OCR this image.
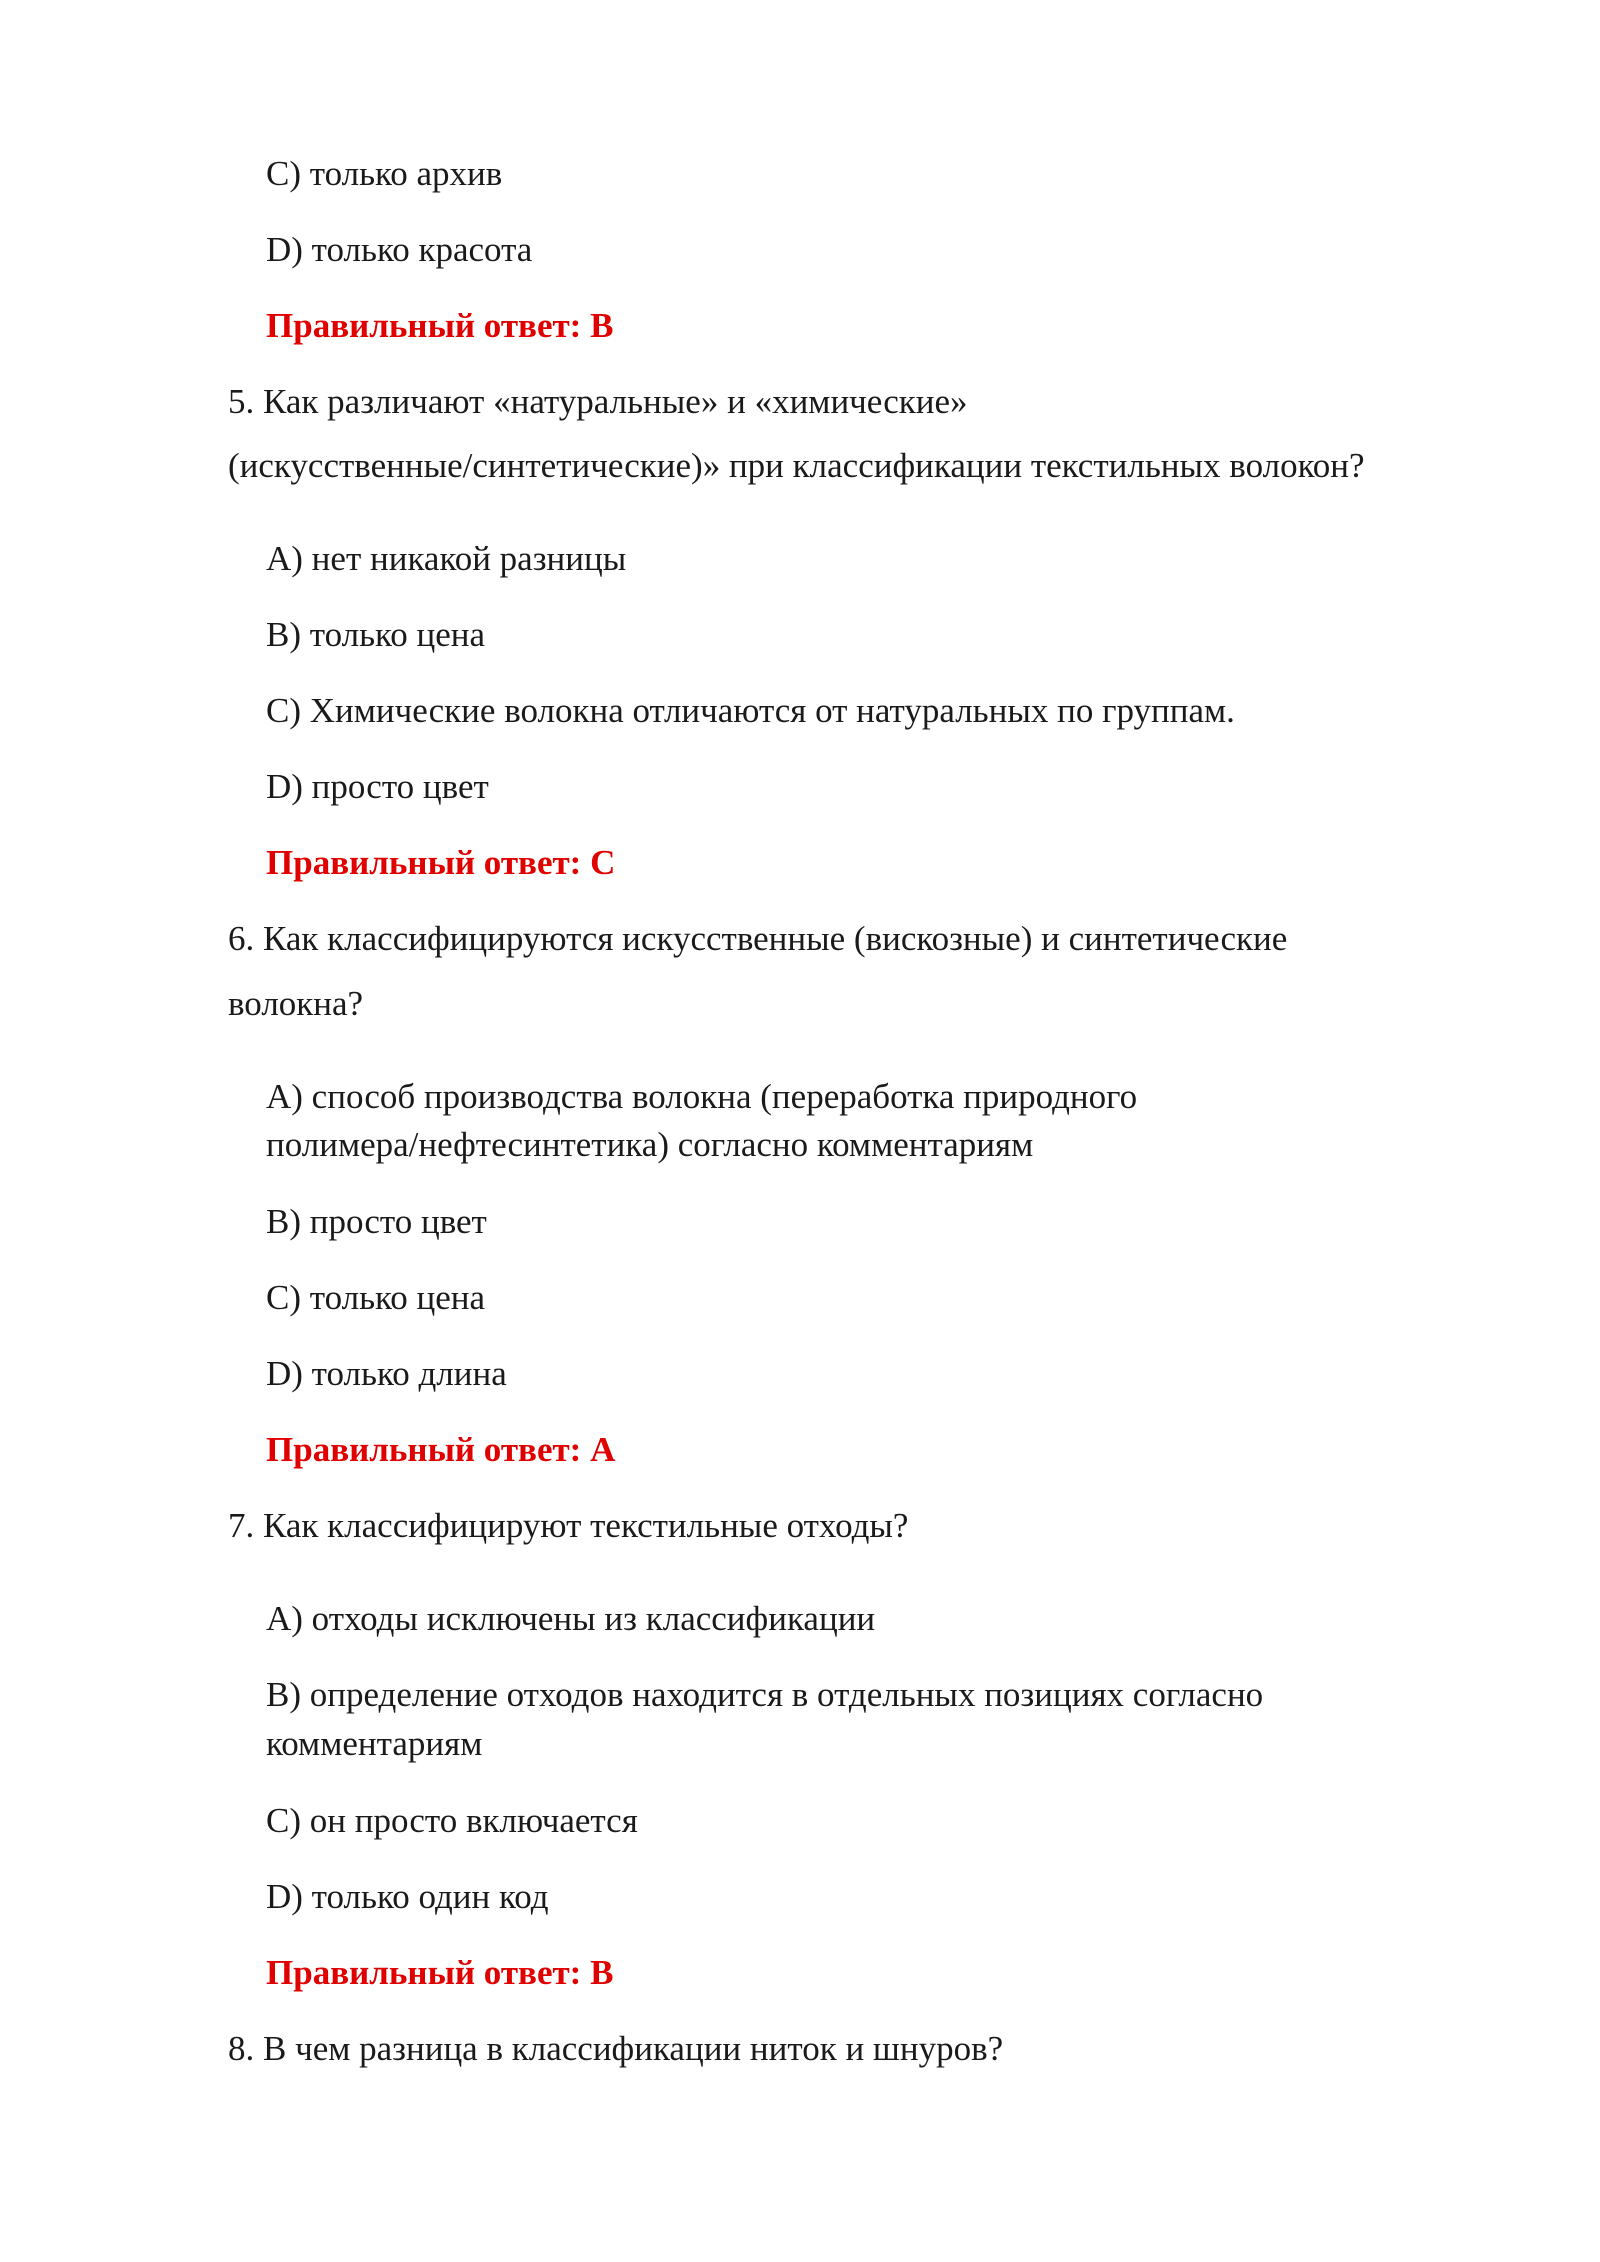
C) только архив
D) только красота
Правильный ответ: B
5. Как различают «натуральные» и «химические»
(искусственные/синтетические)» при классификации текстильных волокон?
A) нет никакой разницы
B) только цена
C) Химические волокна отличаются от натуральных по группам.
D) просто цвет
Правильный ответ: C
6. Как классифицируются искусственные (вискозные) и синтетические
волокна?
A) способ производства волокна (переработка природного
полимера/нефтесинтетика) согласно комментариям
B) просто цвет
C) только цена
D) только длина
Правильный ответ: A
7. Как классифицируют текстильные отходы?
A) отходы исключены из классификации
B) определение отходов находится в отдельных позициях согласно
комментариям
C) он просто включается
D) только один код
Правильный ответ: B
8. В чем разница в классификации ниток и шнуров?
